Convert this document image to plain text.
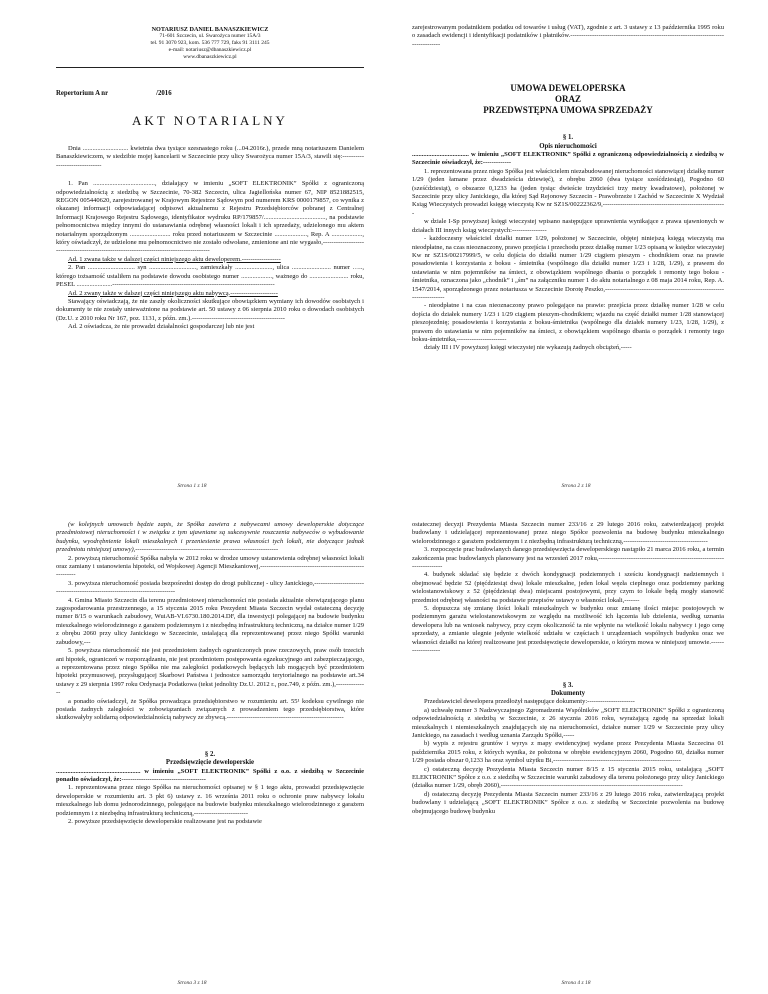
NOTARIUSZ DANIEL BANASZKIEWICZ
71-601 Szczecin, ul. Swarożyca numer 15A/3
tel. 91 3070 923, kom. 536 777 729, faks 91 3111 245
e-mail: notariusz@dbanaszkiewicz.pl
www.dbanaszkiewicz.pl
Repertorium A nr	/2016
AKT NOTARIALNY

Dnia ............................ kwietnia dwa tysiące szesnastego roku (...04.2016r.), przede mną notariuszem Danielem Banaszkiewiczem, w siedzibie mojej kancelarii w Szczecinie przy ulicy Swarożyca numer 15A/3, stawili się:-------------------------------

1. Pan ......................................, działający w imieniu „SOFT ELEKTRONIK” Spółki z ograniczoną odpowiedzialnością z siedzibą w Szczecinie, 70-382 Szczecin, ulica Jagiellońska numer 67, NIP 8521882515, REGON 005440620, zarejestrowanej w Krajowym Rejestrze Sądowym pod numerem KRS 0000179857, co wynika z okazanej informacji odpowiadającej odpisowi aktualnemu z Rejestru Przedsiębiorców pobranej z Centralnej Informacji Krajowego Rejestru Sądowego, identyfikator wydruku RP/179857/......................................, na podstawie pełnomocnictwa między innymi do ustanawiania odrębnej własności lokali i ich sprzedaży, udzielonego mu aktem notarialnym sporządzonym ......................... roku przed notariuszem w Szczecinie ...................., Rep. A ..................., który oświadczył, że udzielone mu pełnomocnictwo nie zostało odwołane, zmienione ani nie wygasło,------------------------------------------------------------------------------------------

Ad. 1 zwana także w dalszej części niniejszego aktu deweloperem.------------------

2. Pan ............................. syn ............................., zamieszkały ......................., ulica ........................ numer ….., którego tożsamość ustaliłem na podstawie dowodu osobistego numer ..................., ważnego do ........................ roku, PESEL ......................---------------------------------------------------------------------------

Ad. 2 zwany także w dalszej części niniejszego aktu nabywcą.----------------------

Stawający oświadczają, że nie zaszły okoliczności skutkujące obowiązkiem wymiany ich dowodów osobistych i dokumenty te nie zostały unieważnione na podstawie art. 50 ustawy z 06 sierpnia 2010 roku o dowodach osobistych (Dz.U. z 2010 roku Nr 167, poz. 1131, z późn. zm.).-------------------------------------------

Ad. 2 oświadcza, że nie prowadzi działalności gospodarczej lub nie jest

Strona 1 z 18

zarejestrowanym podatnikiem podatku od towarów i usług (VAT), zgodnie z art. 3 ustawy z 13 października 1995 roku o zasadach ewidencji i identyfikacji podatników i płatników.------------------------------------------------------------------------------------

UMOWA DEWELOPERSKA
ORAZ
PRZEDWSTĘPNA UMOWA SPRZEDAŻY
§ 1.
Opis nieruchomości

................................... w imieniu „SOFT ELEKTRONIK” Spółki z ograniczoną odpowiedzialnością z siedzibą w Szczecinie oświadczył, że:-------------

1. reprezentowana przez niego Spółka jest właścicielem niezabudowanej nieruchomości stanowiącej działkę numer 1/29 (jeden łamane przez dwadzieścia dziewięć), z obrębu 2060 (dwa tysiące sześćdziesiąt), Pogodno 60 (sześćdziesiąt), o obszarze 0,1233 ha (jeden tysiąc dwieście trzydzieści trzy metry kwadratowe), położonej w Szczecinie przy ulicy Janickiego, dla której Sąd Rejonowy Szczecin - Prawobrzeże i Zachód w Szczecinie X Wydział Ksiąg Wieczystych prowadzi księgę wieczystą Kw nr SZ1S/00222362/9,---------------------------------------------------------

w dziale I-Sp powyższej księgi wieczystej wpisano następujące uprawnienia wynikające z prawa ujawnionych w działach III innych ksiąg wieczystych:----------------

- każdoczesny właściciel działki numer 1/29, położonej w Szczecinie, objętej niniejszą księgą wieczystą ma nieodpłatne, na czas nieoznaczony, prawo przejścia i przechodu przez działkę numer 1/23 opisaną w księdze wieczystej Kw nr SZ1S/00217999/5, w celu dojścia do działki numer 1/29 ciągiem pieszym - chodnikiem oraz na prawie posadowienia i korzystania z boksu - śmietnika (wspólnego dla działki numer 1/23 i 1/28, 1/29), z prawem do ustawiania w nim pojemników na śmieci, z obowiązkiem wspólnego dbania o porządek i remonty tego boksu - śmietnika, oznaczona jako „chodnik” i „śm” na załączniku numer 1 do aktu notarialnego z 08 maja 2014 roku, Rep. A. 1547/2014, sporządzonego przez notariusza w Szczecinie Dorotę Peszko,----------------------------------------------------------------------

- nieodpłatne i na czas nieoznaczony prawo polegające na prawie: przejścia przez działkę numer 1/28 w celu dojścia do działek numery 1/23 i 1/29 ciągiem pieszym-chodnikiem; wjazdu na część działki numer 1/28 stanowiącej pieszojezdnię; posadowienia i korzystania z boksu-śmietnika (wspólnego dla działek numery 1/23, 1/28, 1/29), z prawem do ustawiania w nim pojemników na śmieci, z obowiązkiem wspólnego dbania o porządek i remonty tego boksu-śmietnika,-----------------------

działy III i IV powyższej księgi wieczystej nie wykazują żadnych obciążeń,-----

Strona 2 z 18

(w kolejnych umowach będzie zapis, że Spółka zawiera z nabywcami umowy deweloperskie dotyczące przedmiotowej nieruchomości i w związku z tym ujawniane są sukcesywnie roszczenia nabywców o wybudowanie budynku, wyodrębnienie lokali mieszkalnych i przeniesienie prawa własności tych lokali, nie dotyczące jednak przedmiotu niniejszej umowy),------------------------------------------------------------------

2. powyższą nieruchomość Spółka nabyła w 2012 roku w drodze umowy ustanowienia odrębnej własności lokali oraz zamiany i ustanowienia hipoteki, od Wojskowej Agencji Mieszkaniowej,---------------------------------------------------------

3. powyższa nieruchomość posiada bezpośredni dostęp do drogi publicznej - ulicy Janickiego,------------------------------------------------------------------------------

4. Gmina Miasto Szczecin dla terenu przedmiotowej nieruchomości nie posiada aktualnie obowiązującego planu zagospodarowania przestrzennego, a 15 stycznia 2015 roku Prezydent Miasta Szczecin wydał ostateczną decyzję numer 8/15 o warunkach zabudowy, WuiAB-VI.6730.180.2014.DF, dla inwestycji polegającej na budowie budynku mieszkalnego wielorodzinnego z garażem podziemnym i z niezbędną infrastrukturą techniczną, na działce numer 1/29 z obrębu 2060 przy ulicy Janickiego w Szczecinie, ustalającą dla reprezentowanej przez niego Spółki warunki zabudowy,---

5. powyższa nieruchomość nie jest przedmiotem żadnych ograniczonych praw rzeczowych, praw osób trzecich ani hipotek, ograniczeń w rozporządzaniu, nie jest przedmiotem postępowania egzekucyjnego ani zabezpieczającego, a reprezentowana przez niego Spółka nie ma zaległości podatkowych będących lub mogących być przedmiotem hipoteki przymusowej, przysługującej Skarbowi Państwa i jednostce samorządu terytorialnego na podstawie art.34 ustawy z 29 sierpnia 1997 roku Ordynacja Podatkowa (tekst jednolity Dz.U. 2012 r., poz.749, z późn. zm.),---------------

a ponadto oświadczył, że Spółka prowadząca przedsiębiorstwo w rozumieniu art. 55¹ kodeksu cywilnego nie posiada żadnych zaległości w zobowiązaniach związanych z prowadzeniem tego przedsiębiorstwa, które skutkowałyby solidarną odpowiedzialnością nabywcy ze zbywcą.------------------------------------------------------

§ 2.
Przedsięwzięcie deweloperskie

.................................................... w imieniu „SOFT ELEKTRONIK” Spółki z o.o. z siedzibą w Szczecinie ponadto oświadczył, że:---------------------------------------

1. reprezentowana przez niego Spółka na nieruchomości opisanej w § 1 tego aktu, prowadzi przedsięwzięcie deweloperskie w rozumieniu art. 3 pkt 6) ustawy z. 16 września 2011 roku o ochronie praw nabywcy lokalu mieszkalnego lub domu jednorodzinnego, polegające na budowie budynku mieszkalnego wielorodzinnego z garażem podziemnym i z niezbędną infrastrukturą techniczną,-------------------------

2. powyższe przedsięwzięcie deweloperskie realizowane jest na podstawie

Strona 3 z 18

ostatecznej decyzji Prezydenta Miasta Szczecin numer 233/16 z 29 lutego 2016 roku, zatwierdzającej projekt budowlany i udzielającej reprezentowanej przez niego Spółce pozwolenia na budowę budynku mieszkalnego wielorodzinnego z garażem podziemnym i z niezbędną infrastrukturą techniczną,---------------------------------------

3. rozpoczęcie prac budowlanych danego przedsięwzięcia deweloperskiego nastąpiło 21 marca 2016 roku, a termin zakończenia prac budowlanych planowany jest na wrzesień 2017 roku,------------------------------------------------------------------------

4. budynek składać się będzie z dwóch kondygnacji podziemnych i sześciu kondygnacji nadziemnych i obejmować będzie 52 (pięćdziesiąt dwa) lokale mieszkalne, jeden lokal węzła cieplnego oraz podziemny parking wielostanowiskowy z 52 (pięćdziesiąt dwa) miejscami postojowymi, przy czym to lokale będą mogły stanowić przedmiot odrębnej własności na podstawie przepisów ustawy o własności lokali,-------

5. dopuszcza się zmianę ilości lokali mieszkalnych w budynku oraz zmianę ilości miejsc postojowych w podziemnym garażu wielostanowiskowym ze względu na możliwość ich łączenia lub dzielenia, według uznania dewelopera lub na wniosek nabywcy, przy czym okoliczność ta nie wpłynie na wielkość lokalu nabywcy i jego cenę sprzedaży, a zmianie ulegnie jedynie wielkość udziału w częściach i urządzeniach wspólnych budynku oraz we własności działki na której realizowane jest przedsięwzięcie deweloperskie, o którym mowa w niniejszej umowie.-------------------

§ 3.
Dokumenty

Przedstawiciel dewelopera przedłożył następujące dokumenty:----------------------

a) uchwałę numer 3 Nadzwyczajnego Zgromadzenia Wspólników „SOFT ELEKTRONIK” Spółki z ograniczoną odpowiedzialnością z siedzibą w Szczecinie, z 26 stycznia 2016 roku, wyrażającą zgodę na sprzedaż lokali mieszkalnych i niemieszkalnych znajdujących się na nieruchomości, działce numer 1/29 w Szczecinie przy ulicy Janickiego, na zasadach i według uznania Zarządu Spółki,-----

b) wypis z rejestru gruntów i wyrys z mapy ewidencyjnej wydane przez Prezydenta Miasta Szczecina 01 października 2015 roku, z których wynika, że położona w obrębie ewidencyjnym 2060, Pogodno 60, działka numer 1/29 posiada obszar 0,1233 ha oraz symbol użytku Bi,-----------------------------------------------------------

c) ostateczną decyzję Prezydenta Miasta Szczecin numer 8/15 z 15 stycznia 2015 roku, ustalającą „SOFT ELEKTRONIK” Spółce z o.o. z siedzibą w Szczecinie warunki zabudowy dla terenu położonego przy ulicy Janickiego (działka numer 1/29, obręb 2060),------------------------------------------------------------------------------------

d) ostateczną decyzję Prezydenta Miasta Szczecin numer 233/16 z 29 lutego 2016 roku, zatwierdzającą projekt budowlany i udzielającą „SOFT ELEKTRONIK” Spółce z o.o. z siedzibą w Szczecinie pozwolenia na budowę obejmującego budowę budynku

Strona 4 z 18
